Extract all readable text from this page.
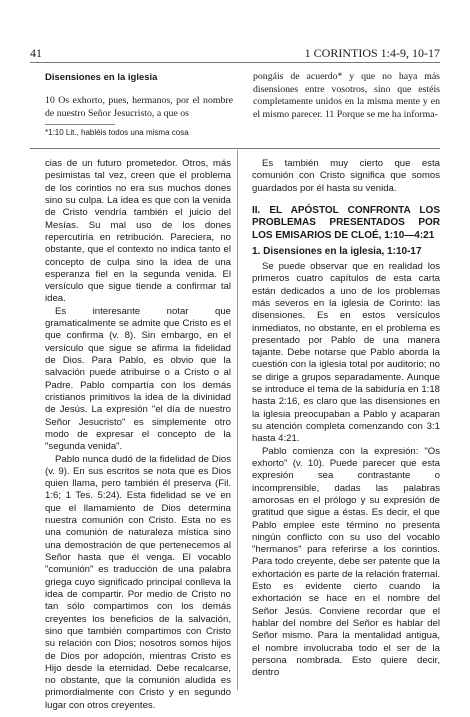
41	1 CORINTIOS 1:4-9, 10-17
Disensiones en la iglesia
10 Os exhorto, pues, hermanos, por el nombre de nuestro Señor Jesucristo, a que os
pongáis de acuerdo* y que no haya más disensiones entre vosotros, sino que estéis completamente unidos en la misma mente y en el mismo parecer. 11 Porque se me ha informa-
*1:10 Lit., habléis todos una misma cosa

cias de un futuro prometedor. Otros, más pesimistas tal vez, creen que el problema de los corintios no era sus muchos dones sino su culpa. La idea es que con la venida de Cristo vendría también el juicio del Mesías. Su mal uso de los dones repercutiría en retribución. Pareciera, no obstante, que el contexto no indica tanto el concepto de culpa sino la idea de una esperanza fiel en la segunda venida. El versículo que sigue tiende a confirmar tal idea.

Es interesante notar que gramaticalmente se admite que Cristo es el que confirma (v. 8). Sin embargo, en el versículo que sigue se afirma la fidelidad de Dios. Para Pablo, es obvio que la salvación puede atribuirse o a Cristo o al Padre. Pablo compartía con los demás cristianos primitivos la idea de la divinidad de Jesús. La expresión "el día de nuestro Señor Jesucristo" es simplemente otro modo de expresar el concepto de la "segunda venida".

Pablo nunca dudó de la fidelidad de Dios (v. 9). En sus escritos se nota que es Dios quien llama, pero también él preserva (Fil. 1:6; 1 Tes. 5:24). Esta fidelidad se ve en que el llamamiento de Dios determina nuestra comunión con Cristo. Esta no es una comunión de naturaleza mística sino una demostración de que pertenecemos al Señor hasta que él venga. El vocablo "comunión" es traducción de una palabra griega cuyo significado principal conlleva la idea de compartir. Por medio de Cristo no tan sólo compartimos con los demás creyentes los beneficios de la salvación, sino que también compartimos con Cristo su relación con Dios; nosotros somos hijos de Dios por adopción, mientras Cristo es Hijo desde la eternidad. Debe recalcarse, no obstante, que la comunión aludida es primordialmente con Cristo y en segundo lugar con otros creyentes.

Es también muy cierto que esta comunión con Cristo significa que somos guardados por él hasta su venida.

II. EL APÓSTOL CONFRONTA LOS PROBLEMAS PRESENTADOS POR LOS EMISARIOS DE CLOÉ, 1:10—4:21
1. Disensiones en la iglesia, 1:10-17

Se puede observar que en realidad los primeros cuatro capítulos de esta carta están dedicados a uno de los problemas más severos en la iglesia de Corinto: las disensiones. Es en estos versículos inmediatos, no obstante, en el problema es presentado por Pablo de una manera tajante. Debe notarse que Pablo aborda la cuestión con la iglesia total por auditorio; no se dirige a grupos separadamente. Aunque se introduce el tema de la sabiduría en 1:18 hasta 2:16, es claro que las disensiones en la iglesia preocupaban a Pablo y acaparan su atención completa comenzando con 3:1 hasta 4:21.

Pablo comienza con la expresión: "Os exhorto" (v. 10). Puede parecer que esta expresión sea contrastante o incomprensible, dadas las palabras amorosas en el prólogo y su expresión de gratitud que sigue a éstas. Es decir, el que Pablo emplee este término no presenta ningún conflicto con su uso del vocablo "hermanos" para referirse a los corintios. Para todo creyente, debe ser patente que la exhortación es parte de la relación fraternal. Esto es evidente cierto cuando la exhortación se hace en el nombre del Señor Jesús. Conviene recordar que el hablar del nombre del Señor es hablar del Señor mismo. Para la mentalidad antigua, el nombre involucraba todo el ser de la persona nombrada. Esto quiere decir, dentro
